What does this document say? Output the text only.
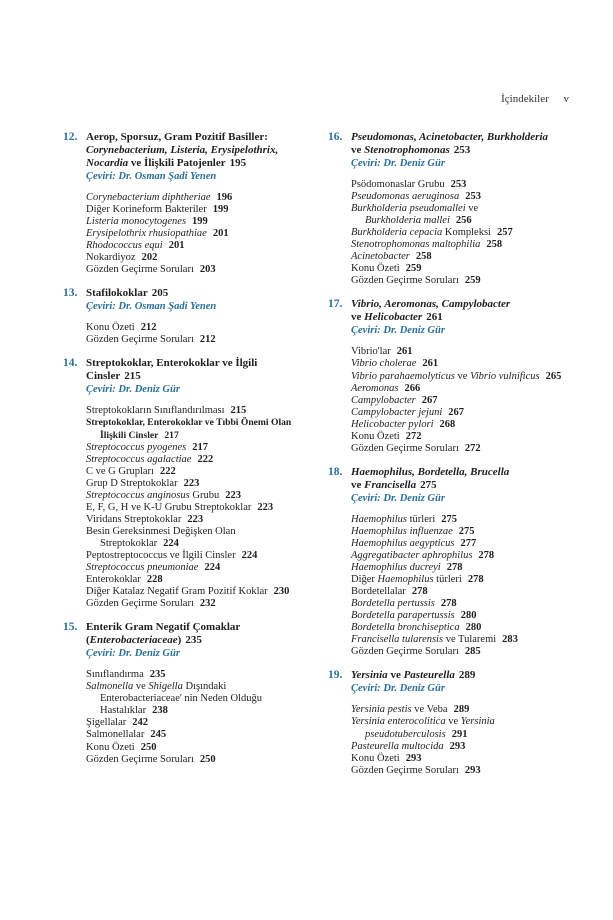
İçindekiler v
12. Aerop, Sporsuz, Gram Pozitif Basiller:
Corynebacterium, Listeria, Erysipelothrix,
Nocardia ve İlişkili Patojenler 195
Çeviri: Dr. Osman Şadi Yenen
Corynebacterium diphtheriae 196
Diğer Korineform Bakteriler 199
Listeria monocytogenes 199
Erysipelothrix rhusiopathiae 201
Rhodococcus equi 201
Nokardiyoz 202
Gözden Geçirme Soruları 203
13. Stafilokoklar 205
Çeviri: Dr. Osman Şadi Yenen
Konu Özeti 212
Gözden Geçirme Soruları 212
14. Streptokoklar, Enterokoklar ve İlgili
Cinsler 215
Çeviri: Dr. Deniz Gür
Streptokokların Sınıflandırılması 215
Streptokoklar, Enterokoklar ve Tıbbi Önemi Olan
İlişkili Cinsler 217
Streptococcus pyogenes 217
Streptococcus agalactiae 222
C ve G Grupları 222
Grup D Streptokoklar 223
Streptococcus anginosus Grubu 223
E, F, G, H ve K-U Grubu Streptokoklar 223
Viridans Streptokoklar 223
Besin Gereksinmesi Değişken Olan
Streptokoklar 224
Peptostreptococcus ve İlgili Cinsler 224
Streptococcus pneumoniae 224
Enterokoklar 228
Diğer Katalaz Negatif Gram Pozitif Koklar 230
Gözden Geçirme Soruları 232
15. Enterik Gram Negatif Çomaklar
(Enterobacteriaceae) 235
Çeviri: Dr. Deniz Gür
Sınıflandırma 235
Salmonella ve Shigella Dışındaki
Enterobacteriaceae' nin Neden Olduğu
Hastalıklar 238
Şigellalar 242
Salmonellalar 245
Konu Özeti 250
Gözden Geçirme Soruları 250
16. Pseudomonas, Acinetobacter, Burkholderia
ve Stenotrophomonas 253
Çeviri: Dr. Deniz Gür
Psödomonaslar Grubu 253
Pseudomonas aeruginosa 253
Burkholderia pseudomallei ve
Burkholderia mallei 256
Burkholderia cepacia Kompleksi 257
Stenotrophomonas maltophilia 258
Acinetobacter 258
Konu Özeti 259
Gözden Geçirme Soruları 259
17. Vibrio, Aeromonas, Campylobacter
ve Helicobacter 261
Çeviri: Dr. Deniz Gür
Vibrio'lar 261
Vibrio cholerae 261
Vibrio parahaemolyticus ve Vibrio vulnificus 265
Aeromonas 266
Campylobacter 267
Campylobacter jejuni 267
Helicobacter pylori 268
Konu Özeti 272
Gözden Geçirme Soruları 272
18. Haemophilus, Bordetella, Brucella
ve Francisella 275
Çeviri: Dr. Deniz Gür
Haemophilus türleri 275
Haemophilus influenzae 275
Haemophilus aegypticus 277
Aggregatibacter aphrophilus 278
Haemophilus ducreyi 278
Diğer Haemophilus türleri 278
Bordetellalar 278
Bordetella pertussis 278
Bordetella parapertussis 280
Bordetella bronchiseptica 280
Francisella tularensis ve Tularemi 283
Gözden Geçirme Soruları 285
19. Yersinia ve Pasteurella 289
Çeviri: Dr. Deniz Gür
Yersinia pestis ve Veba 289
Yersinia enterocolitica ve Yersinia
pseudotuberculosis 291
Pasteurella multocida 293
Konu Özeti 293
Gözden Geçirme Soruları 293
